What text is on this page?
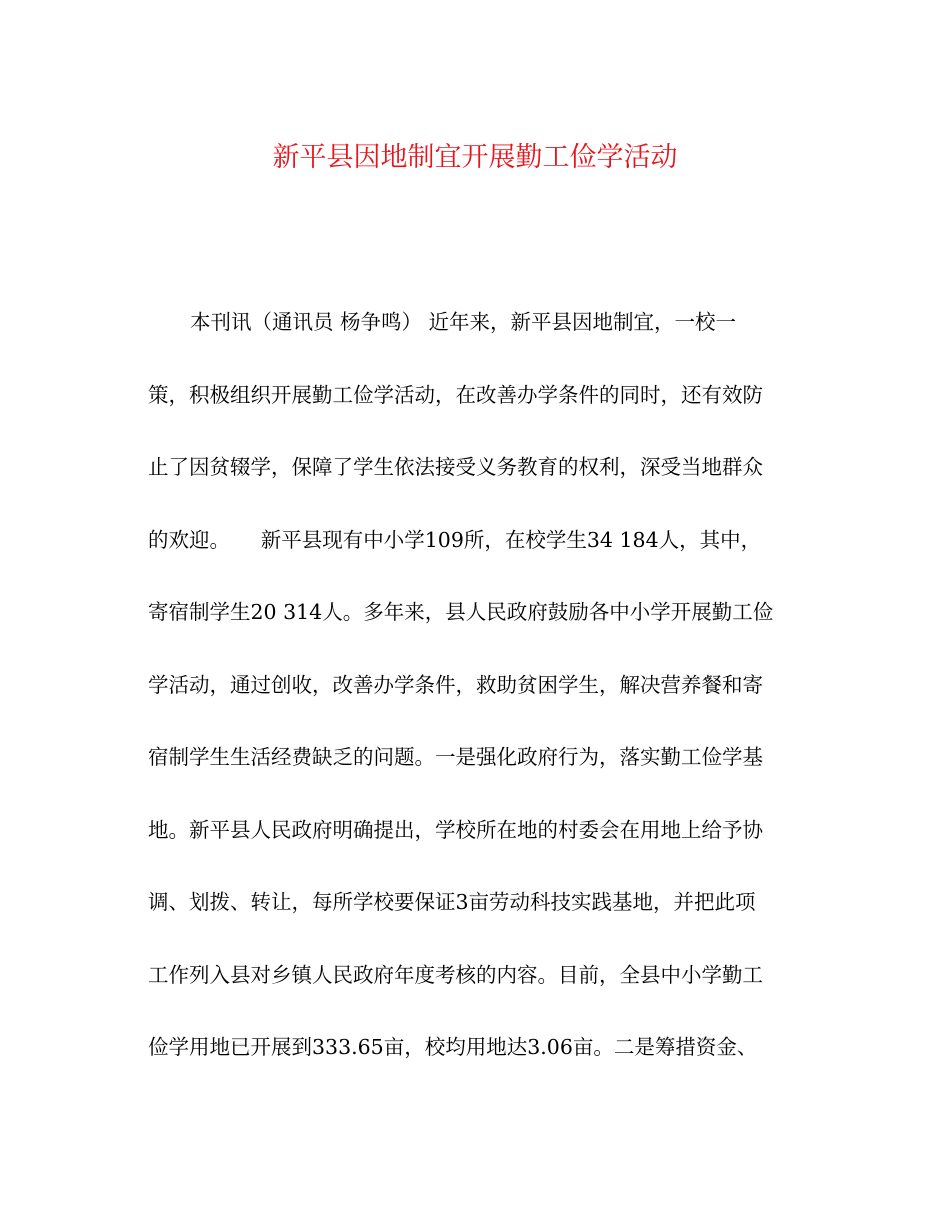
新平县因地制宜开展勤工俭学活动
本刊讯（通讯员 杨争鸣） 近年来，新平县因地制宜，一校一
策，积极组织开展勤工俭学活动，在改善办学条件的同时，还有效防
止了因贫辍学，保障了学生依法接受义务教育的权利，深受当地群众
的欢迎。　　新平县现有中小学109所，在校学生34 184人，其中，
寄宿制学生20 314人。多年来，县人民政府鼓励各中小学开展勤工俭
学活动，通过创收，改善办学条件，救助贫困学生，解决营养餐和寄
宿制学生生活经费缺乏的问题。一是强化政府行为，落实勤工俭学基
地。新平县人民政府明确提出，学校所在地的村委会在用地上给予协
调、划拨、转让，每所学校要保证3亩劳动科技实践基地，并把此项
工作列入县对乡镇人民政府年度考核的内容。目前，全县中小学勤工
俭学用地已开展到333.65亩，校均用地达3.06亩。二是筹措资金、
